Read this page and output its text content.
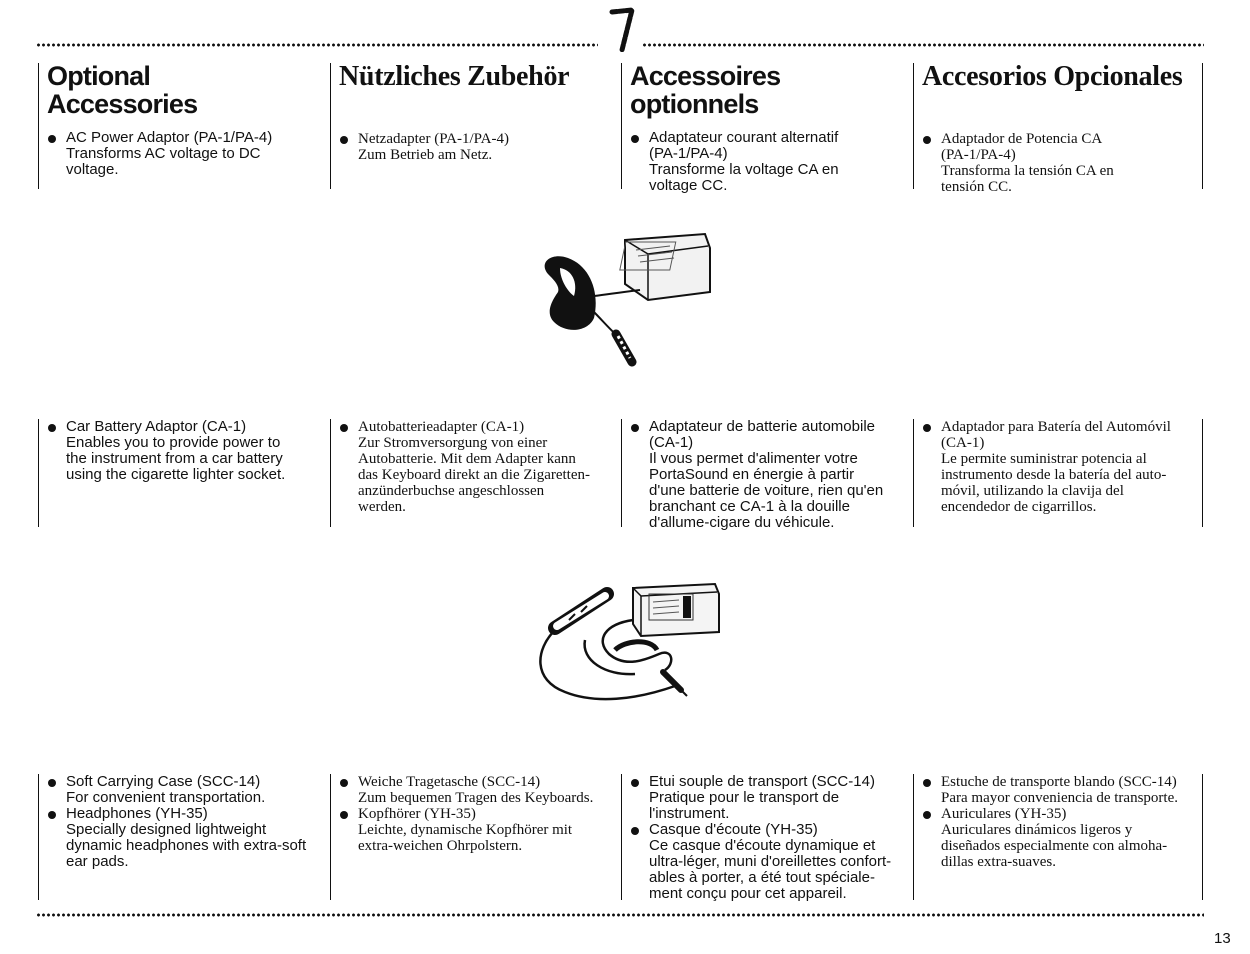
Optional
Accessories
AC Power Adaptor (PA-1/PA-4)
Transforms AC voltage to DC
voltage.
Nützliches Zubehör
Netzadapter (PA-1/PA-4)
Zum Betrieb am Netz.
Accessoires
optionnels
Adaptateur courant alternatif
(PA-1/PA-4)
Transforme la voltage CA en
voltage CC.
Accesorios Opcionales
Adaptador de Potencia CA
(PA-1/PA-4)
Transforma la tensión CA en
tensión CC.
Car Battery Adaptor (CA-1)
Enables you to provide power to
the instrument from a car battery
using the cigarette lighter socket.
Autobatterieadapter (CA-1)
Zur Stromversorgung von einer
Autobatterie. Mit dem Adapter kann
das Keyboard direkt an die Zigaretten-
anzünderbuchse angeschlossen
werden.
Adaptateur de batterie automobile
(CA-1)
Il vous permet d'alimenter votre
PortaSound en énergie à partir
d'une batterie de voiture, rien qu'en
branchant ce CA-1 à la douille
d'allume-cigare du véhicule.
Adaptador para Batería del Automóvil
(CA-1)
Le permite suministrar potencia al
instrumento desde la batería del auto-
móvil, utilizando la clavija del
encendedor de cigarrillos.
Soft Carrying Case (SCC-14)
For convenient transportation.
Headphones (YH-35)
Specially designed lightweight
dynamic headphones with extra-soft
ear pads.
Weiche Tragetasche (SCC-14)
Zum bequemen Tragen des Keyboards.
Kopfhörer (YH-35)
Leichte, dynamische Kopfhörer mit
extra-weichen Ohrpolstern.
Etui souple de transport (SCC-14)
Pratique pour le transport de
l'instrument.
Casque d'écoute (YH-35)
Ce casque d'écoute dynamique et
ultra-léger, muni d'oreillettes confort-
ables à porter, a été tout spéciale-
ment conçu pour cet appareil.
Estuche de transporte blando (SCC-14)
Para mayor conveniencia de transporte.
Auriculares (YH-35)
Auriculares dinámicos ligeros y
diseñados especialmente con almoha-
dillas extra-suaves.
13
